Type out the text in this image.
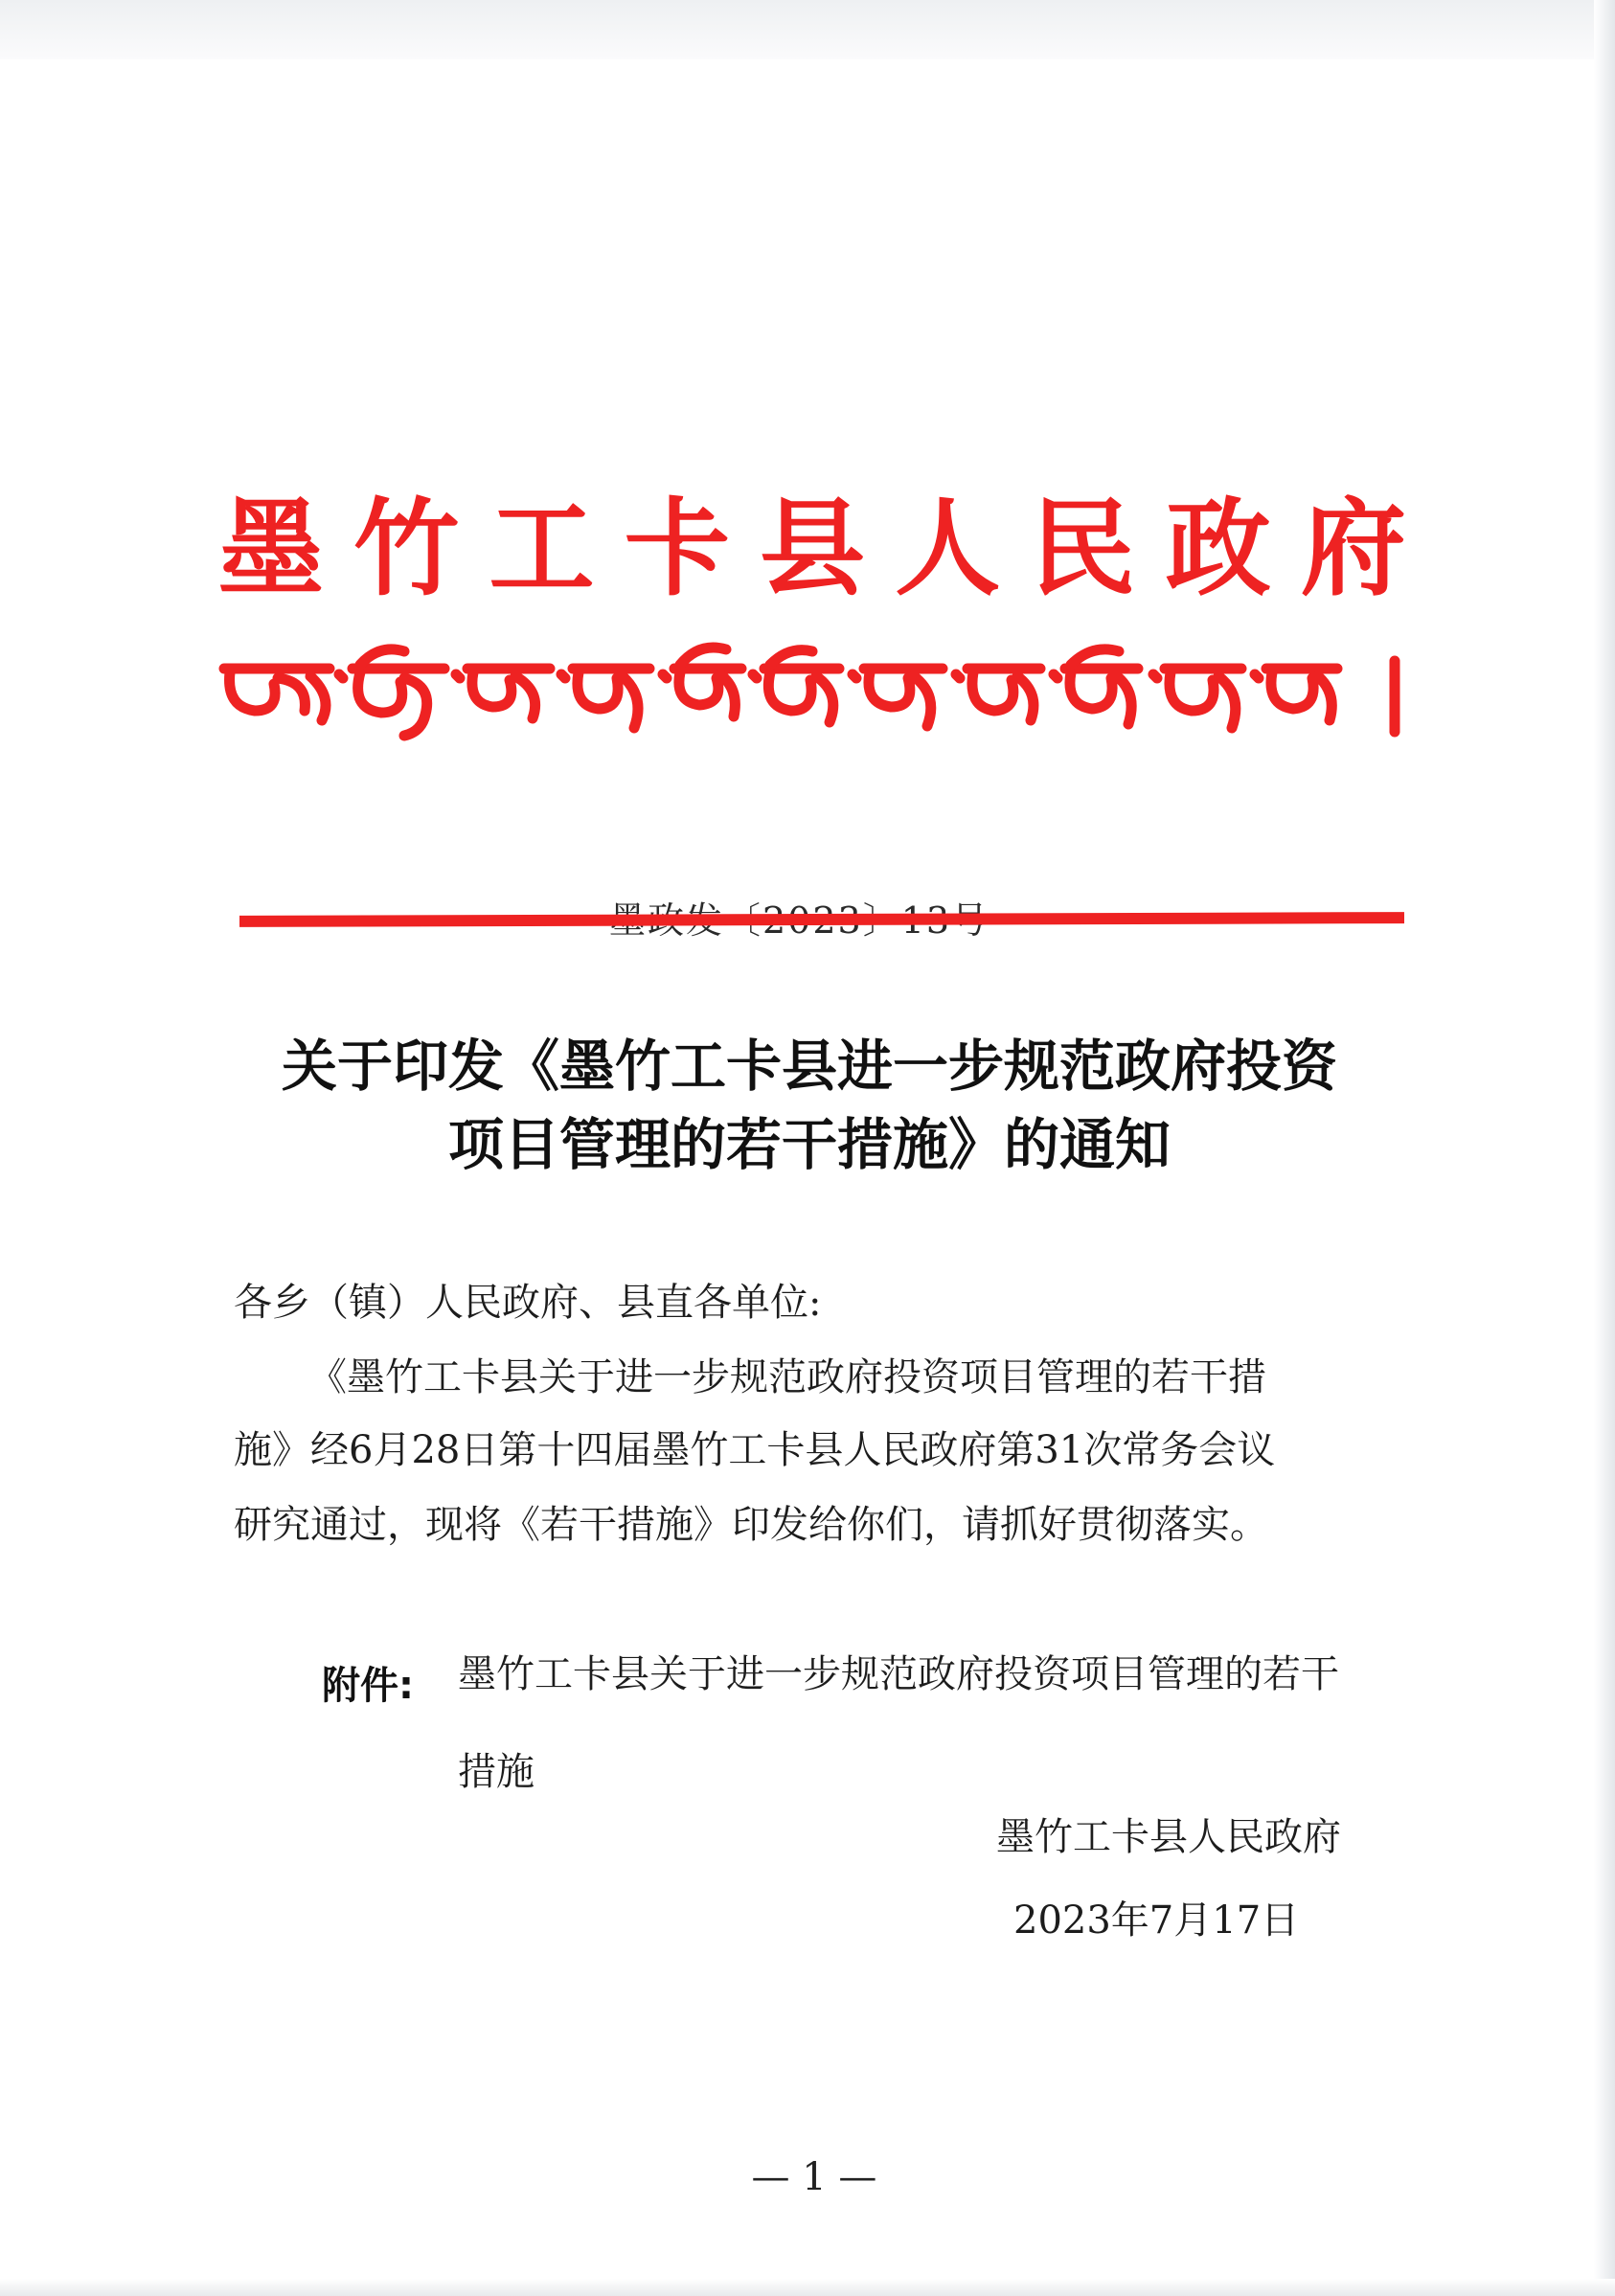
墨 竹 工 卡 县 人 民 政 府
关于印发《墨竹工卡县进一步规范政府投资
项目管理的若干措施》的通知
各乡（镇）人民政府、县直各单位:
《墨竹工卡县关于进一步规范政府投资项目管理的若干措
施》经6月28日第十四届墨竹工卡县人民政府第31次常务会议
研究通过，现将《若干措施》印发给你们，请抓好贯彻落实。
附件: 墨竹工卡县关于进一步规范政府投资项目管理的若干
措施
墨竹工卡县人民政府
2023年7月17日
— 1 —
